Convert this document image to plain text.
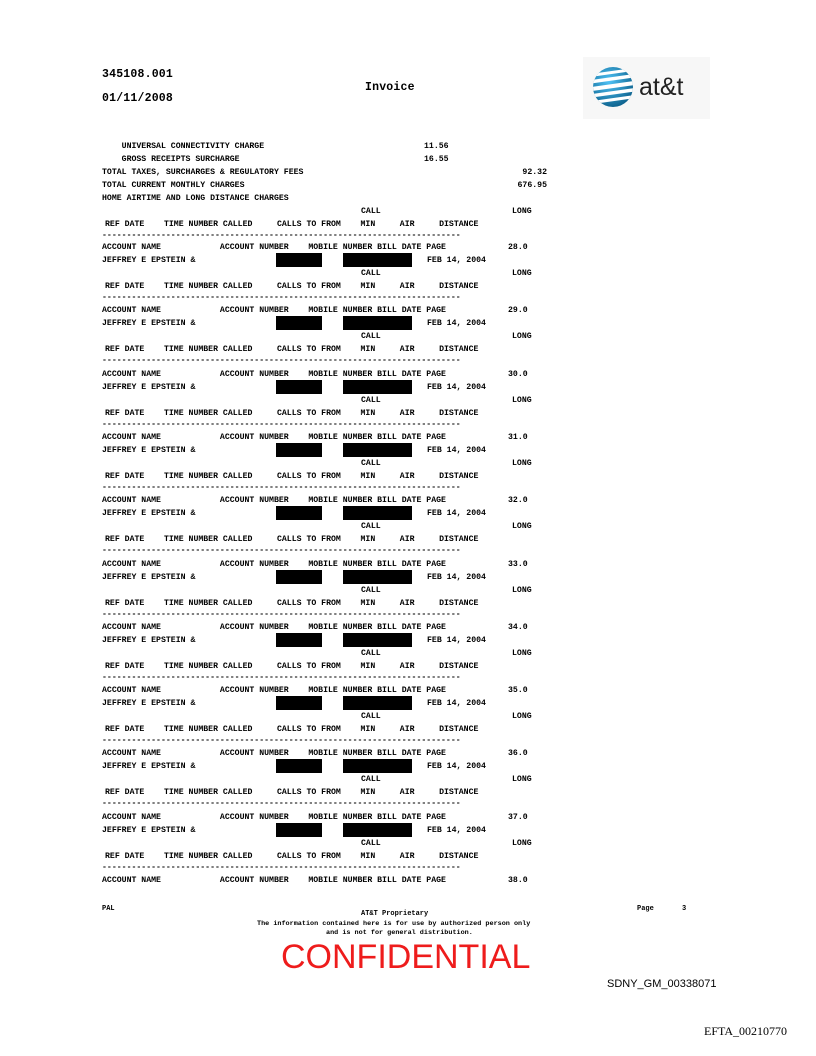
345108.001
01/11/2008
Invoice	at&t
UNIVERSAL CONNECTIVITY CHARGE	11.56
GROSS RECEIPTS SURCHARGE	16.55
TOTAL TAXES, SURCHARGES & REGULATORY FEES	92.32
TOTAL CURRENT MONTHLY CHARGES	676.95
HOME AIRTIME AND LONG DISTANCE CHARGES
CALL	LONG
REF DATE    TIME NUMBER CALLED     CALLS TO FROM    MIN     AIR     DISTANCE
-------------------------------------------------------------------------
ACCOUNT NAME            ACCOUNT NUMBER    MOBILE NUMBER BILL DATE PAGE	28.0
JEFFREY E EPSTEIN &	FEB 14, 2004
CALL	LONG
REF DATE    TIME NUMBER CALLED     CALLS TO FROM    MIN     AIR     DISTANCE
-------------------------------------------------------------------------
ACCOUNT NAME            ACCOUNT NUMBER    MOBILE NUMBER BILL DATE PAGE	29.0
JEFFREY E EPSTEIN &	FEB 14, 2004
CALL	LONG
REF DATE    TIME NUMBER CALLED     CALLS TO FROM    MIN     AIR     DISTANCE
-------------------------------------------------------------------------
ACCOUNT NAME            ACCOUNT NUMBER    MOBILE NUMBER BILL DATE PAGE	30.0
JEFFREY E EPSTEIN &	FEB 14, 2004
CALL	LONG
REF DATE    TIME NUMBER CALLED     CALLS TO FROM    MIN     AIR     DISTANCE
-------------------------------------------------------------------------
ACCOUNT NAME            ACCOUNT NUMBER    MOBILE NUMBER BILL DATE PAGE	31.0
JEFFREY E EPSTEIN &	FEB 14, 2004
CALL	LONG
REF DATE    TIME NUMBER CALLED     CALLS TO FROM    MIN     AIR     DISTANCE
-------------------------------------------------------------------------
ACCOUNT NAME            ACCOUNT NUMBER    MOBILE NUMBER BILL DATE PAGE	32.0
JEFFREY E EPSTEIN &	FEB 14, 2004
CALL	LONG
REF DATE    TIME NUMBER CALLED     CALLS TO FROM    MIN     AIR     DISTANCE
-------------------------------------------------------------------------
ACCOUNT NAME            ACCOUNT NUMBER    MOBILE NUMBER BILL DATE PAGE	33.0
JEFFREY E EPSTEIN &	FEB 14, 2004
CALL	LONG
REF DATE    TIME NUMBER CALLED     CALLS TO FROM    MIN     AIR     DISTANCE
-------------------------------------------------------------------------
ACCOUNT NAME            ACCOUNT NUMBER    MOBILE NUMBER BILL DATE PAGE	34.0
JEFFREY E EPSTEIN &	FEB 14, 2004
CALL	LONG
REF DATE    TIME NUMBER CALLED     CALLS TO FROM    MIN     AIR     DISTANCE
-------------------------------------------------------------------------
ACCOUNT NAME            ACCOUNT NUMBER    MOBILE NUMBER BILL DATE PAGE	35.0
JEFFREY E EPSTEIN &	FEB 14, 2004
CALL	LONG
REF DATE    TIME NUMBER CALLED     CALLS TO FROM    MIN     AIR     DISTANCE
-------------------------------------------------------------------------
ACCOUNT NAME            ACCOUNT NUMBER    MOBILE NUMBER BILL DATE PAGE	36.0
JEFFREY E EPSTEIN &	FEB 14, 2004
CALL	LONG
REF DATE    TIME NUMBER CALLED     CALLS TO FROM    MIN     AIR     DISTANCE
-------------------------------------------------------------------------
ACCOUNT NAME            ACCOUNT NUMBER    MOBILE NUMBER BILL DATE PAGE	37.0
JEFFREY E EPSTEIN &	FEB 14, 2004
CALL	LONG
REF DATE    TIME NUMBER CALLED     CALLS TO FROM    MIN     AIR     DISTANCE
-------------------------------------------------------------------------
ACCOUNT NAME            ACCOUNT NUMBER    MOBILE NUMBER BILL DATE PAGE	38.0
PAL
AT&T Proprietary
The information contained here is for use by authorized person only
and is not for general distribution.
Page	3
CONFIDENTIAL
SDNY_GM_00338071
EFTA_00210770
